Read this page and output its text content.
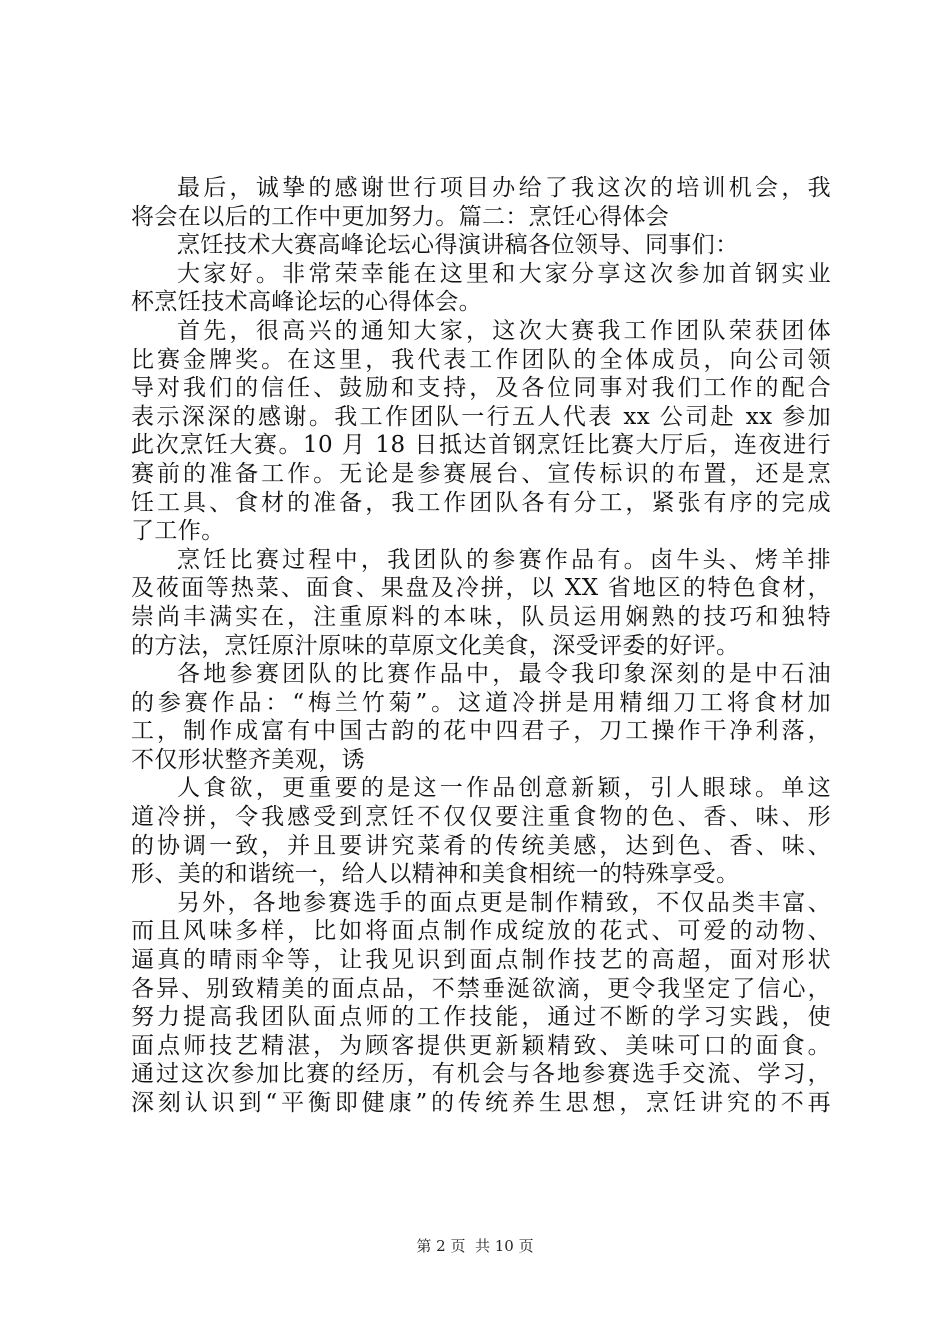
最后，诚挚的感谢世行项目办给了我这次的培训机会，我
将会在以后的工作中更加努力。篇二：烹饪心得体会
烹饪技术大赛高峰论坛心得演讲稿各位领导、同事们：
大家好。非常荣幸能在这里和大家分享这次参加首钢实业
杯烹饪技术高峰论坛的心得体会。
首先，很高兴的通知大家，这次大赛我工作团队荣获团体
比赛金牌奖。在这里，我代表工作团队的全体成员，向公司领
导对我们的信任、鼓励和支持，及各位同事对我们工作的配合
表示深深的感谢。我工作团队一行五人代表 xx 公司赴 xx 参加
此次烹饪大赛。10 月 18 日抵达首钢烹饪比赛大厅后，连夜进行
赛前的准备工作。无论是参赛展台、宣传标识的布置，还是烹
饪工具、食材的准备，我工作团队各有分工，紧张有序的完成
了工作。
烹饪比赛过程中，我团队的参赛作品有。卤牛头、烤羊排
及莜面等热菜、面食、果盘及冷拼，以 XX 省地区的特色食材，
崇尚丰满实在，注重原料的本味，队员运用娴熟的技巧和独特
的方法，烹饪原汁原味的草原文化美食，深受评委的好评。
各地参赛团队的比赛作品中，最令我印象深刻的是中石油
的参赛作品：“梅兰竹菊”。这道冷拼是用精细刀工将食材加
工，制作成富有中国古韵的花中四君子，刀工操作干净利落，
不仅形状整齐美观，诱
人食欲，更重要的是这一作品创意新颖，引人眼球。单这
道冷拼，令我感受到烹饪不仅仅要注重食物的色、香、味、形
的协调一致，并且要讲究菜肴的传统美感，达到色、香、味、
形、美的和谐统一，给人以精神和美食相统一的特殊享受。
另外，各地参赛选手的面点更是制作精致，不仅品类丰富、
而且风味多样，比如将面点制作成绽放的花式、可爱的动物、
逼真的晴雨伞等，让我见识到面点制作技艺的高超，面对形状
各异、别致精美的面点品，不禁垂涎欲滴，更令我坚定了信心，
努力提高我团队面点师的工作技能，通过不断的学习实践，使
面点师技艺精湛，为顾客提供更新颖精致、美味可口的面食。
通过这次参加比赛的经历，有机会与各地参赛选手交流、学习，
深刻认识到“平衡即健康”的传统养生思想，烹饪讲究的不再
第 2 页  共 10 页
